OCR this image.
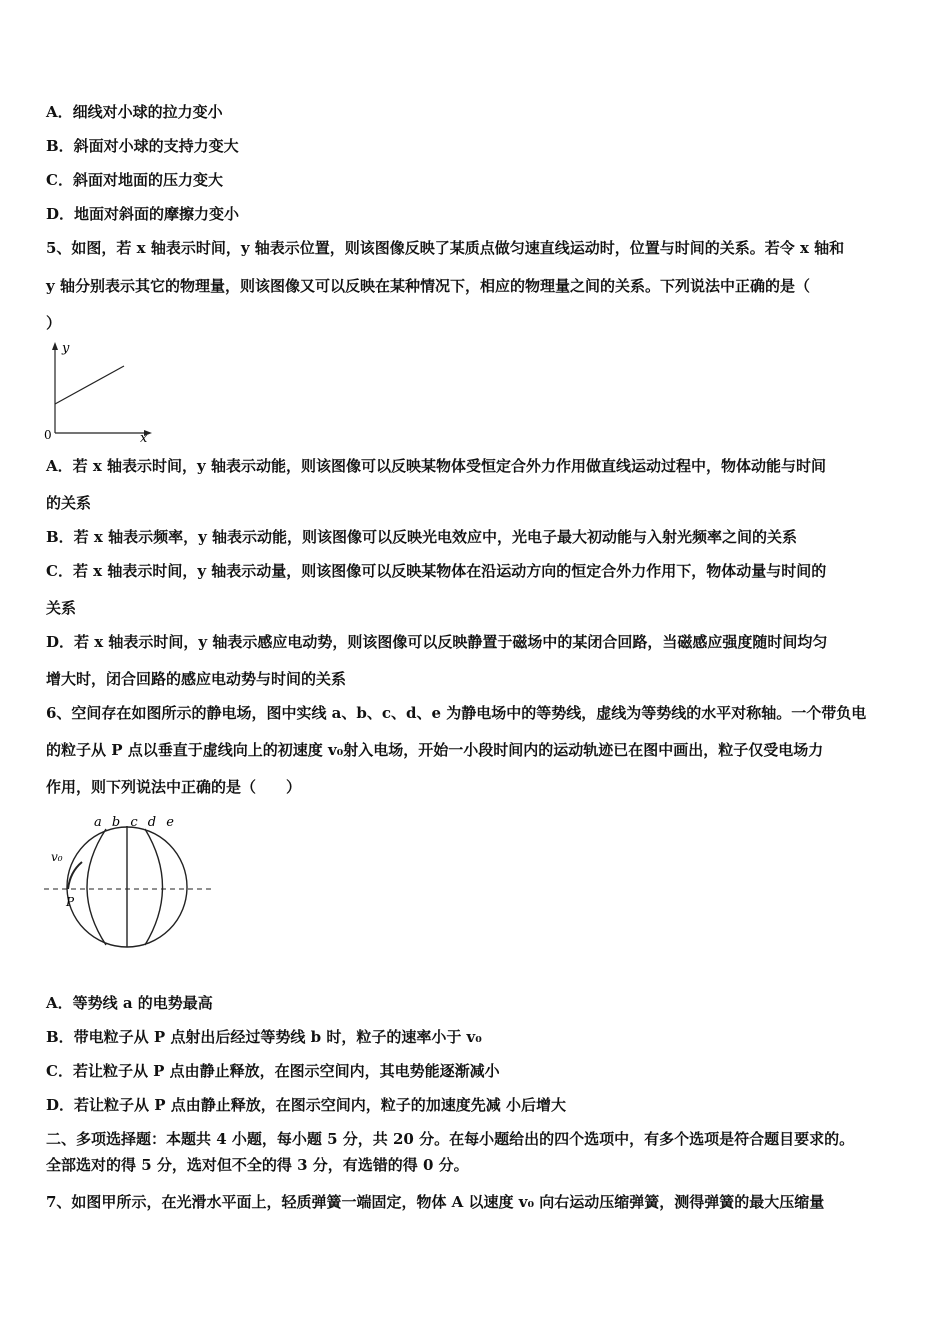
A．细线对小球的拉力变小
B．斜面对小球的支持力变大
C．斜面对地面的压力变大
D．地面对斜面的摩擦力变小
5、如图，若 x 轴表示时间，y 轴表示位置，则该图像反映了某质点做匀速直线运动时，位置与时间的关系。若令 x 轴和
y 轴分别表示其它的物理量，则该图像又可以反映在某种情况下，相应的物理量之间的关系。下列说法中正确的是（
）
y
x
0
A．若 x 轴表示时间，y 轴表示动能，则该图像可以反映某物体受恒定合外力作用做直线运动过程中，物体动能与时间
的关系
B．若 x 轴表示频率，y 轴表示动能，则该图像可以反映光电效应中，光电子最大初动能与入射光频率之间的关系
C．若 x 轴表示时间，y 轴表示动量，则该图像可以反映某物体在沿运动方向的恒定合外力作用下，物体动量与时间的
关系
D．若 x 轴表示时间，y 轴表示感应电动势，则该图像可以反映静置于磁场中的某闭合回路，当磁感应强度随时间均匀
增大时，闭合回路的感应电动势与时间的关系
6、空间存在如图所示的静电场，图中实线 a、b、c、d、e 为静电场中的等势线，虚线为等势线的水平对称轴。一个带负电
的粒子从 P 点以垂直于虚线向上的初速度 v₀射入电场，开始一小段时间内的运动轨迹已在图中画出，粒子仅受电场力
作用，则下列说法中正确的是（　　）
a b c d e
v₀
P
A．等势线 a 的电势最高
B．带电粒子从 P 点射出后经过等势线 b 时，粒子的速率小于 v₀
C．若让粒子从 P 点由静止释放，在图示空间内，其电势能逐渐减小
D．若让粒子从 P 点由静止释放，在图示空间内，粒子的加速度先减 小后增大
二、多项选择题：本题共 4 小题，每小题 5 分，共 20 分。在每小题给出的四个选项中，有多个选项是符合题目要求的。
全部选对的得 5 分，选对但不全的得 3 分，有选错的得 0 分。
7、如图甲所示，在光滑水平面上，轻质弹簧一端固定，物体 A 以速度 v₀ 向右运动压缩弹簧，测得弹簧的最大压缩量
